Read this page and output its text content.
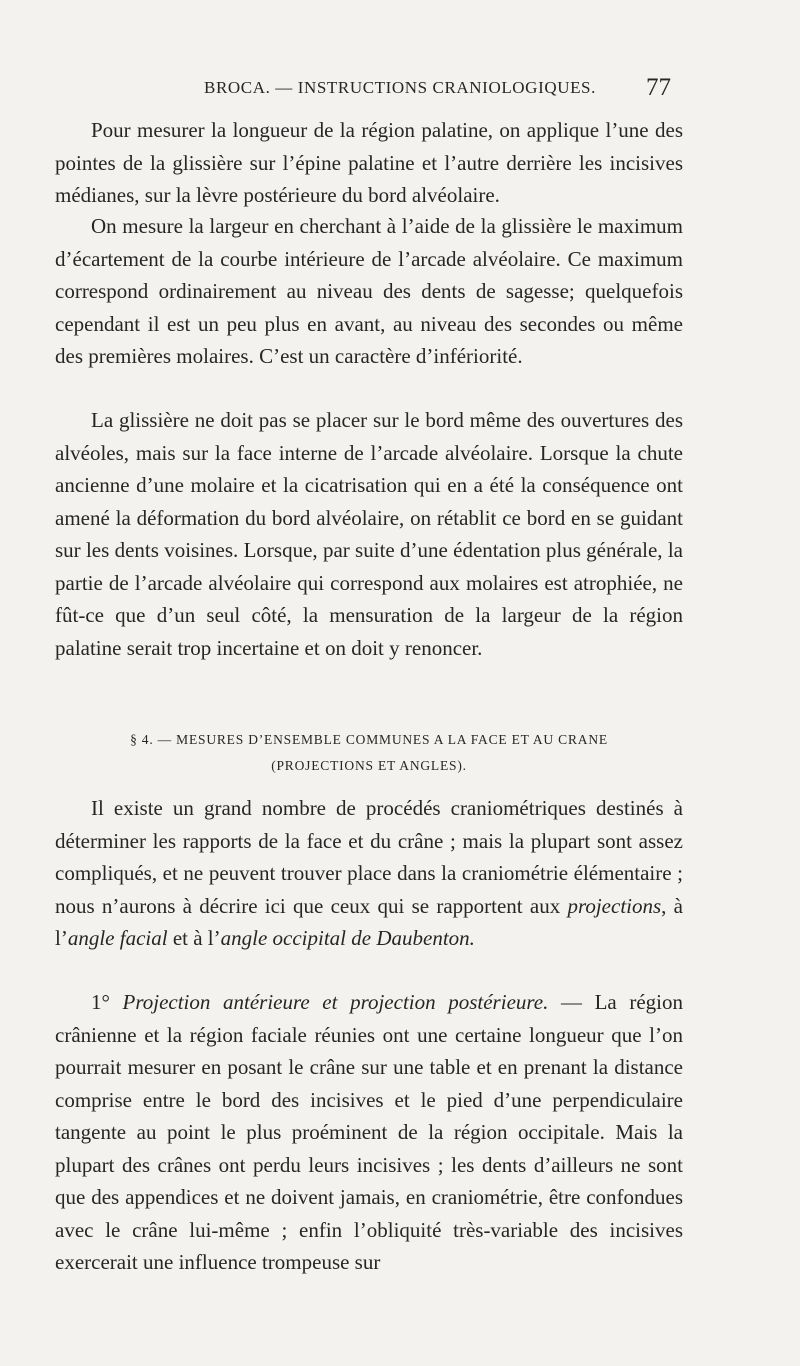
BROCA. — INSTRUCTIONS CRANIOLOGIQUES. 77

Pour mesurer la longueur de la région palatine, on applique l’une des pointes de la glissière sur l’épine palatine et l’autre derrière les incisives médianes, sur la lèvre postérieure du bord alvéolaire.

On mesure la largeur en cherchant à l’aide de la glissière le maximum d’écartement de la courbe intérieure de l’arcade alvéolaire. Ce maximum correspond ordinairement au niveau des dents de sagesse; quelquefois cependant il est un peu plus en avant, au niveau des secondes ou même des premières molaires. C’est un caractère d’infériorité.

La glissière ne doit pas se placer sur le bord même des ouvertures des alvéoles, mais sur la face interne de l’arcade alvéolaire. Lorsque la chute ancienne d’une molaire et la cicatrisation qui en a été la conséquence ont amené la déformation du bord alvéolaire, on rétablit ce bord en se guidant sur les dents voisines. Lorsque, par suite d’une édentation plus générale, la partie de l’arcade alvéolaire qui correspond aux molaires est atrophiée, ne fût-ce que d’un seul côté, la mensuration de la largeur de la région palatine serait trop incertaine et on doit y renoncer.

§ 4. — MESURES D’ENSEMBLE COMMUNES A LA FACE ET AU CRANE
(PROJECTIONS ET ANGLES).

Il existe un grand nombre de procédés craniométriques destinés à déterminer les rapports de la face et du crâne ; mais la plupart sont assez compliqués, et ne peuvent trouver place dans la craniométrie élémentaire ; nous n’aurons à décrire ici que ceux qui se rapportent aux projections, à l’angle facial et à l’angle occipital de Daubenton.

1° Projection antérieure et projection postérieure. — La région crânienne et la région faciale réunies ont une certaine longueur que l’on pourrait mesurer en posant le crâne sur une table et en prenant la distance comprise entre le bord des incisives et le pied d’une perpendiculaire tangente au point le plus proéminent de la région occipitale. Mais la plupart des crânes ont perdu leurs incisives ; les dents d’ailleurs ne sont que des appendices et ne doivent jamais, en craniométrie, être confondues avec le crâne lui-même ; enfin l’obliquité très-variable des incisives exercerait une influence trompeuse sur
